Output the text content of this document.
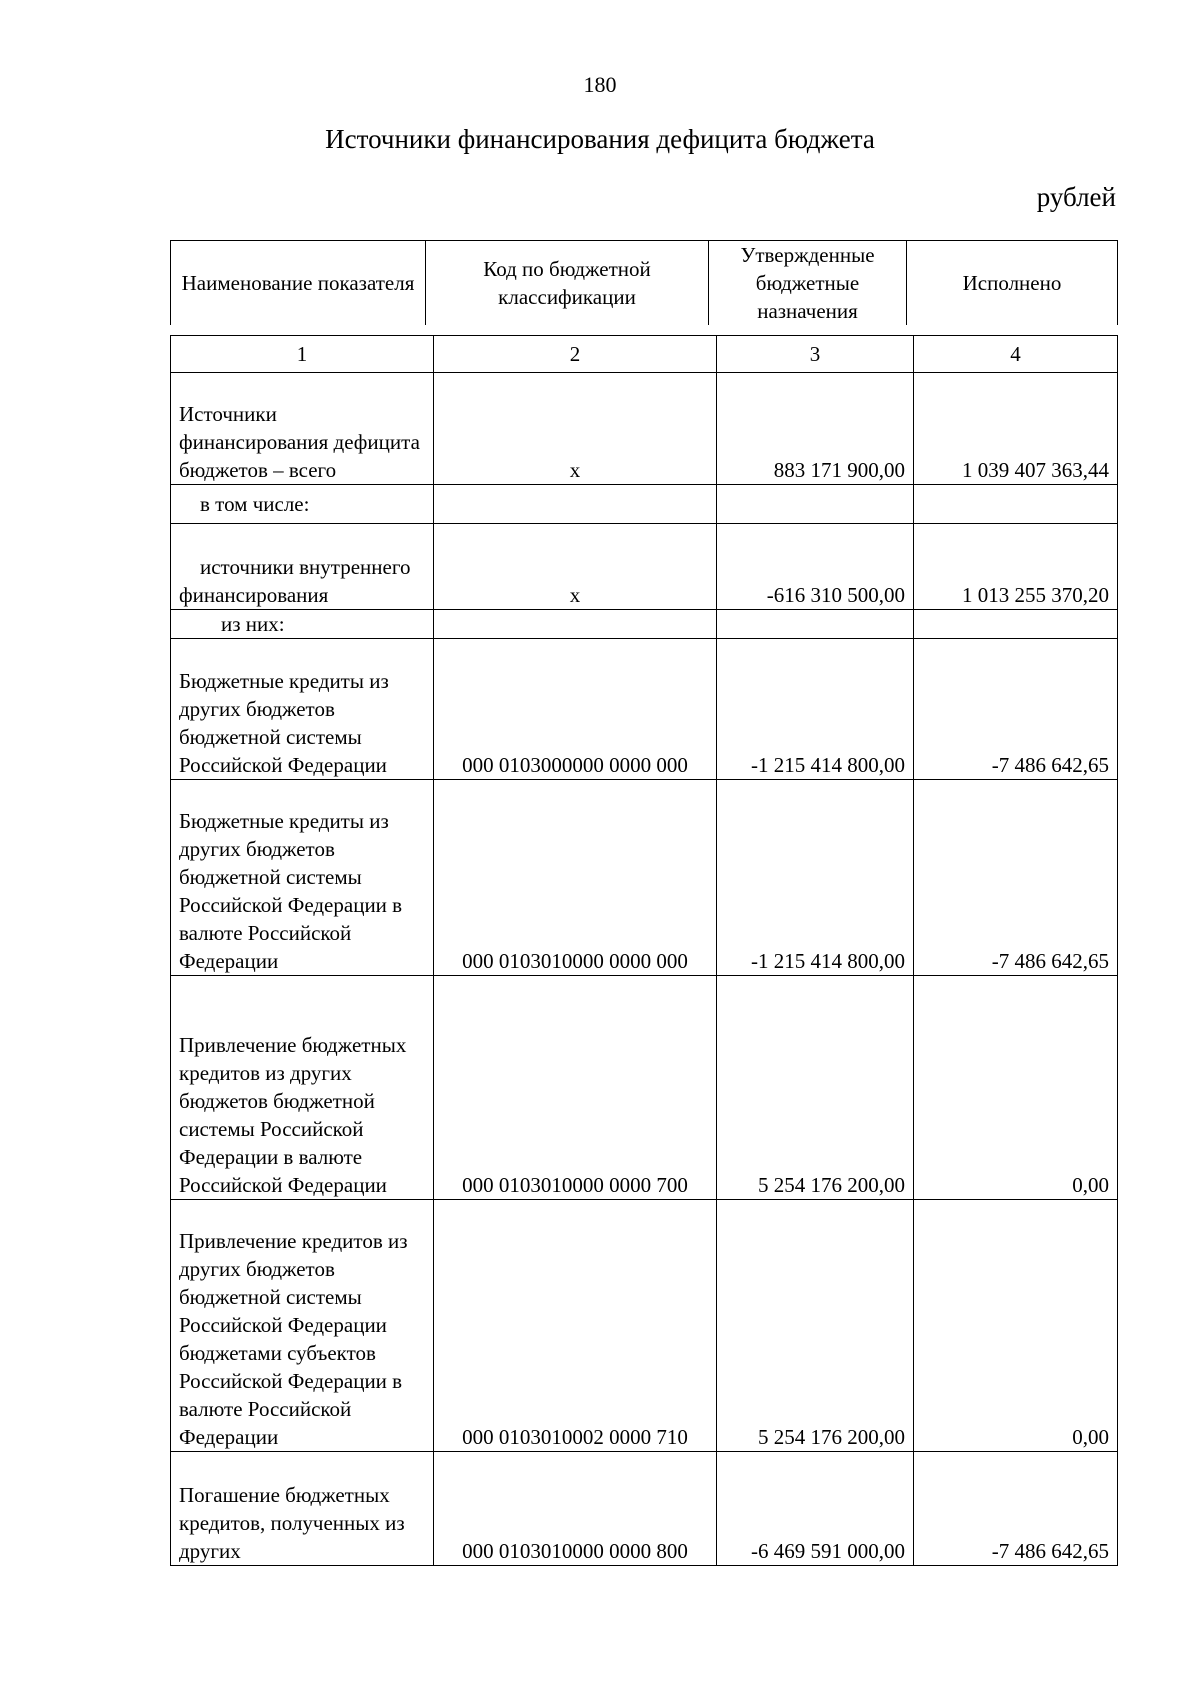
180
Источники финансирования дефицита бюджета
рублей
Наименование показателя	Код по бюджетной классификации	Утвержденные бюджетные назначения	Исполнено
1	2	3	4
Источники финансирования дефицита бюджетов – всего	x	883 171 900,00	1 039 407 363,44
в том числе:			
источники внутреннего финансирования	x	-616 310 500,00	1 013 255 370,20
из них:			
Бюджетные кредиты из других бюджетов бюджетной системы Российской Федерации	000 0103000000 0000 000	-1 215 414 800,00	-7 486 642,65
Бюджетные кредиты из других бюджетов бюджетной системы Российской Федерации в валюте Российской Федерации	000 0103010000 0000 000	-1 215 414 800,00	-7 486 642,65
Привлечение бюджетных кредитов из других бюджетов бюджетной системы Российской Федерации в валюте Российской Федерации	000 0103010000 0000 700	5 254 176 200,00	0,00
Привлечение кредитов из других бюджетов бюджетной системы Российской Федерации бюджетами субъектов Российской Федерации в валюте Российской Федерации	000 0103010002 0000 710	5 254 176 200,00	0,00
Погашение бюджетных кредитов, полученных из других	000 0103010000 0000 800	-6 469 591 000,00	-7 486 642,65
